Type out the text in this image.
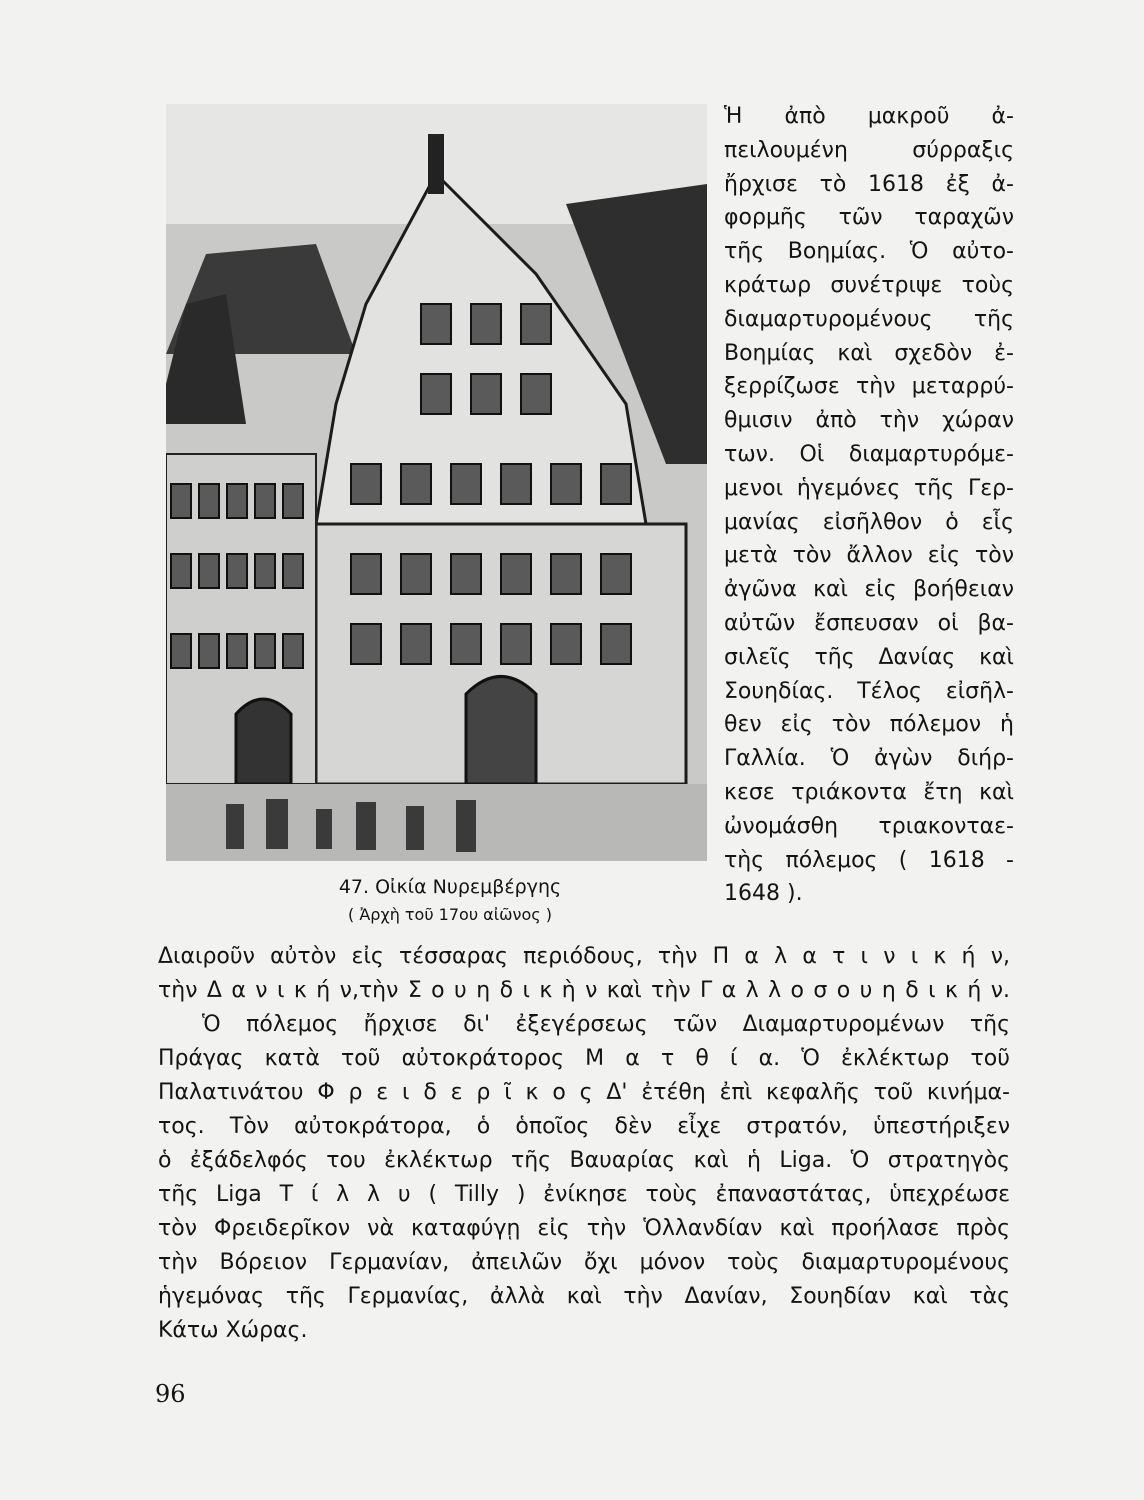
47. Οἰκία Νυρεμβέργης
( Ἀρχὴ τοῦ 17ου αἰῶνος )

Ἡ ἀπὸ μακροῦ ἀ-

πειλουμένη σύρραξις

ἤρχισε τὸ 1618 ἐξ ἀ-

φορμῆς τῶν ταραχῶν

τῆς Βοημίας. Ὁ αὐτο-

κράτωρ συνέτριψε τοὺς

διαμαρτυρομένους τῆς

Βοημίας καὶ σχεδὸν ἐ-

ξερρίζωσε τὴν μεταρρύ-

θμισιν ἀπὸ τὴν χώραν

των. Οἱ διαμαρτυρόμε-

μενοι ἡγεμόνες τῆς Γερ-

μανίας εἰσῆλθον ὁ εἷς

μετὰ τὸν ἄλλον εἰς τὸν

ἀγῶνα καὶ εἰς βοήθειαν

αὐτῶν ἔσπευσαν οἱ βα-

σιλεῖς τῆς Δανίας καὶ

Σουηδίας. Τέλος εἰσῆλ-

θεν εἰς τὸν πόλεμον ἡ

Γαλλία. Ὁ ἀγὼν διήρ-

κεσε τριάκοντα ἔτη καὶ

ὠνομάσθη τριακονταε-

τὴς πόλεμος ( 1618 -

1648 ).

Διαιροῦν αὐτὸν εἰς τέσσαρας περιόδους, τὴν Π α λ α τ ι ν ι κ ή ν,

τὴν Δ α ν ι κ ή ν,τὴν Σ ο υ η δ ι κ ὴ ν καὶ τὴν Γ α λ λ ο σ ο υ η δ ι κ ή ν.

Ὁ πόλεμος ἤρχισε δι' ἐξεγέρσεως τῶν Διαμαρτυρομένων τῆς

Πράγας κατὰ τοῦ αὐτοκράτορος Μ α τ θ ί α. Ὁ ἐκλέκτωρ τοῦ

Παλατινάτου Φ ρ ε ι δ ε ρ ῖ κ ο ς Δ' ἐτέθη ἐπὶ κεφαλῆς τοῦ κινήμα-

τος. Τὸν αὐτοκράτορα, ὁ ὁποῖος δὲν εἶχε στρατόν, ὑπεστήριξεν

ὁ ἐξάδελφός του ἐκλέκτωρ τῆς Βαυαρίας καὶ ἡ Liga. Ὁ στρατηγὸς

τῆς Liga Τ ί λ λ υ ( Tilly ) ἐνίκησε τοὺς ἐπαναστάτας, ὑπεχρέωσε

τὸν Φρειδερῖκον νὰ καταφύγῃ εἰς τὴν Ὁλλανδίαν καὶ προήλασε πρὸς

τὴν Βόρειον Γερμανίαν, ἀπειλῶν ὄχι μόνον τοὺς διαμαρτυρομένους

ἡγεμόνας τῆς Γερμανίας, ἀλλὰ καὶ τὴν Δανίαν, Σουηδίαν καὶ τὰς

Κάτω Χώρας.

96
